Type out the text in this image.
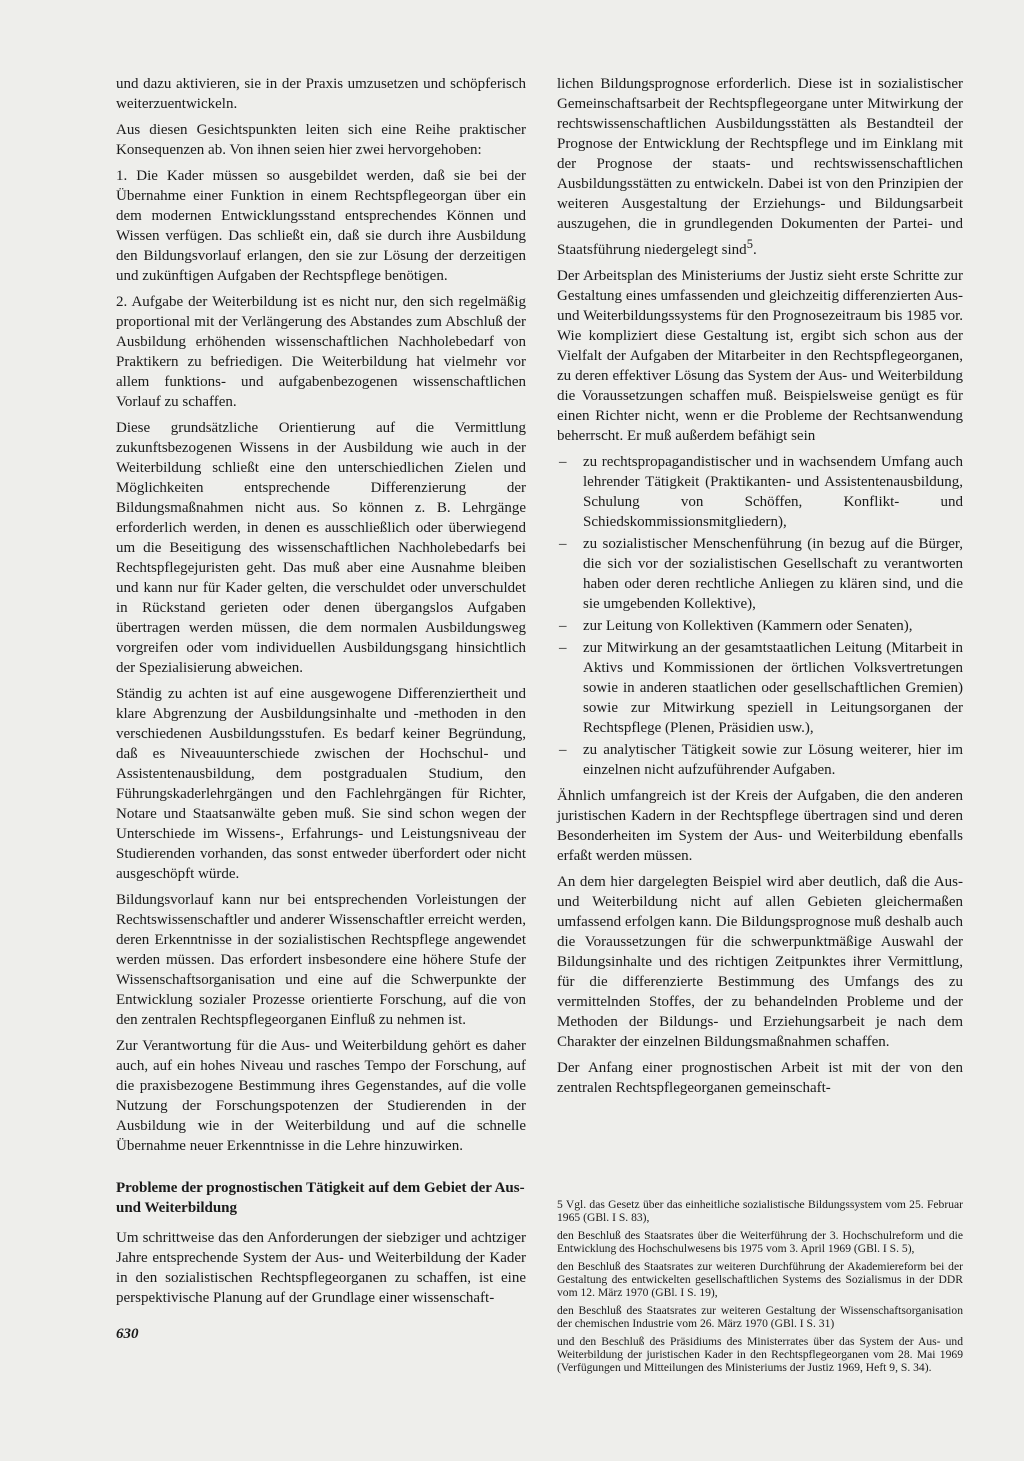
und dazu aktivieren, sie in der Praxis umzusetzen und schöpferisch weiterzuentwickeln.

Aus diesen Gesichtspunkten leiten sich eine Reihe praktischer Konsequenzen ab. Von ihnen seien hier zwei hervorgehoben:

1. Die Kader müssen so ausgebildet werden, daß sie bei der Übernahme einer Funktion in einem Rechtspflegeorgan über ein dem modernen Entwicklungsstand entsprechendes Können und Wissen verfügen. Das schließt ein, daß sie durch ihre Ausbildung den Bildungsvorlauf erlangen, den sie zur Lösung der derzeitigen und zukünftigen Aufgaben der Rechtspflege benötigen.

2. Aufgabe der Weiterbildung ist es nicht nur, den sich regelmäßig proportional mit der Verlängerung des Abstandes zum Abschluß der Ausbildung erhöhenden wissenschaftlichen Nachholebedarf von Praktikern zu befriedigen. Die Weiterbildung hat vielmehr vor allem funktions- und aufgabenbezogenen wissenschaftlichen Vorlauf zu schaffen.

Diese grundsätzliche Orientierung auf die Vermittlung zukunftsbezogenen Wissens in der Ausbildung wie auch in der Weiterbildung schließt eine den unterschiedlichen Zielen und Möglichkeiten entsprechende Differenzierung der Bildungsmaßnahmen nicht aus. So können z. B. Lehrgänge erforderlich werden, in denen es ausschließlich oder überwiegend um die Beseitigung des wissenschaftlichen Nachholebedarfs bei Rechtspflegejuristen geht. Das muß aber eine Ausnahme bleiben und kann nur für Kader gelten, die verschuldet oder unverschuldet in Rückstand gerieten oder denen übergangslos Aufgaben übertragen werden müssen, die dem normalen Ausbildungsweg vorgreifen oder vom individuellen Ausbildungsgang hinsichtlich der Spezialisierung abweichen.

Ständig zu achten ist auf eine ausgewogene Differenziertheit und klare Abgrenzung der Ausbildungsinhalte und -methoden in den verschiedenen Ausbildungsstufen. Es bedarf keiner Begründung, daß es Niveauunterschiede zwischen der Hochschul- und Assistentenausbildung, dem postgradualen Studium, den Führungskaderlehrgängen und den Fachlehrgängen für Richter, Notare und Staatsanwälte geben muß. Sie sind schon wegen der Unterschiede im Wissens-, Erfahrungs- und Leistungsniveau der Studierenden vorhanden, das sonst entweder überfordert oder nicht ausgeschöpft würde.

Bildungsvorlauf kann nur bei entsprechenden Vorleistungen der Rechtswissenschaftler und anderer Wissenschaftler erreicht werden, deren Erkenntnisse in der sozialistischen Rechtspflege angewendet werden müssen. Das erfordert insbesondere eine höhere Stufe der Wissenschaftsorganisation und eine auf die Schwerpunkte der Entwicklung sozialer Prozesse orientierte Forschung, auf die von den zentralen Rechtspflegeorganen Einfluß zu nehmen ist.

Zur Verantwortung für die Aus- und Weiterbildung gehört es daher auch, auf ein hohes Niveau und rasches Tempo der Forschung, auf die praxisbezogene Bestimmung ihres Gegenstandes, auf die volle Nutzung der Forschungspotenzen der Studierenden in der Ausbildung wie in der Weiterbildung und auf die schnelle Übernahme neuer Erkenntnisse in die Lehre hinzuwirken.

Probleme der prognostischen Tätigkeit auf dem Gebiet der Aus- und Weiterbildung

Um schrittweise das den Anforderungen der siebziger und achtziger Jahre entsprechende System der Aus- und Weiterbildung der Kader in den sozialistischen Rechtspflegeorganen zu schaffen, ist eine perspektivische Planung auf der Grundlage einer wissenschaft-

lichen Bildungsprognose erforderlich. Diese ist in sozialistischer Gemeinschaftsarbeit der Rechtspflegeorgane unter Mitwirkung der rechtswissenschaftlichen Ausbildungsstätten als Bestandteil der Prognose der Entwicklung der Rechtspflege und im Einklang mit der Prognose der staats- und rechtswissenschaftlichen Ausbildungsstätten zu entwickeln. Dabei ist von den Prinzipien der weiteren Ausgestaltung der Erziehungs- und Bildungsarbeit auszugehen, die in grundlegenden Dokumenten der Partei- und Staatsführung niedergelegt sind$^5$.

Der Arbeitsplan des Ministeriums der Justiz sieht erste Schritte zur Gestaltung eines umfassenden und gleichzeitig differenzierten Aus- und Weiterbildungssystems für den Prognosezeitraum bis 1985 vor. Wie kompliziert diese Gestaltung ist, ergibt sich schon aus der Vielfalt der Aufgaben der Mitarbeiter in den Rechtspflegeorganen, zu deren effektiver Lösung das System der Aus- und Weiterbildung die Voraussetzungen schaffen muß. Beispielsweise genügt es für einen Richter nicht, wenn er die Probleme der Rechtsanwendung beherrscht. Er muß außerdem befähigt sein

– zu rechtspropagandistischer und in wachsendem Umfang auch lehrender Tätigkeit (Praktikanten- und Assistentenausbildung, Schulung von Schöffen, Konflikt- und Schiedskommissionsmitgliedern),
– zu sozialistischer Menschenführung (in bezug auf die Bürger, die sich vor der sozialistischen Gesellschaft zu verantworten haben oder deren rechtliche Anliegen zu klären sind, und die sie umgebenden Kollektive),
– zur Leitung von Kollektiven (Kammern oder Senaten),
– zur Mitwirkung an der gesamtstaatlichen Leitung (Mitarbeit in Aktivs und Kommissionen der örtlichen Volksvertretungen sowie in anderen staatlichen oder gesellschaftlichen Gremien) sowie zur Mitwirkung speziell in Leitungsorganen der Rechtspflege (Plenen, Präsidien usw.),
– zu analytischer Tätigkeit sowie zur Lösung weiterer, hier im einzelnen nicht aufzuführender Aufgaben.

Ähnlich umfangreich ist der Kreis der Aufgaben, die den anderen juristischen Kadern in der Rechtspflege übertragen sind und deren Besonderheiten im System der Aus- und Weiterbildung ebenfalls erfaßt werden müssen.

An dem hier dargelegten Beispiel wird aber deutlich, daß die Aus- und Weiterbildung nicht auf allen Gebieten gleichermaßen umfassend erfolgen kann. Die Bildungsprognose muß deshalb auch die Voraussetzungen für die schwerpunktmäßige Auswahl der Bildungsinhalte und des richtigen Zeitpunktes ihrer Vermittlung, für die differenzierte Bestimmung des Umfangs des zu vermittelnden Stoffes, der zu behandelnden Probleme und der Methoden der Bildungs- und Erziehungsarbeit je nach dem Charakter der einzelnen Bildungsmaßnahmen schaffen.

Der Anfang einer prognostischen Arbeit ist mit der von den zentralen Rechtspflegeorganen gemeinschaft-

5 Vgl. das Gesetz über das einheitliche sozialistische Bildungssystem vom 25. Februar 1965 (GBl. I S. 83),

den Beschluß des Staatsrates über die Weiterführung der 3. Hochschulreform und die Entwicklung des Hochschulwesens bis 1975 vom 3. April 1969 (GBl. I S. 5),

den Beschluß des Staatsrates zur weiteren Durchführung der Akademiereform bei der Gestaltung des entwickelten gesellschaftlichen Systems des Sozialismus in der DDR vom 12. März 1970 (GBl. I S. 19),

den Beschluß des Staatsrates zur weiteren Gestaltung der Wissenschaftsorganisation der chemischen Industrie vom 26. März 1970 (GBl. I S. 31)

und den Beschluß des Präsidiums des Ministerrates über das System der Aus- und Weiterbildung der juristischen Kader in den Rechtspflegeorganen vom 28. Mai 1969 (Verfügungen und Mitteilungen des Ministeriums der Justiz 1969, Heft 9, S. 34).

630
